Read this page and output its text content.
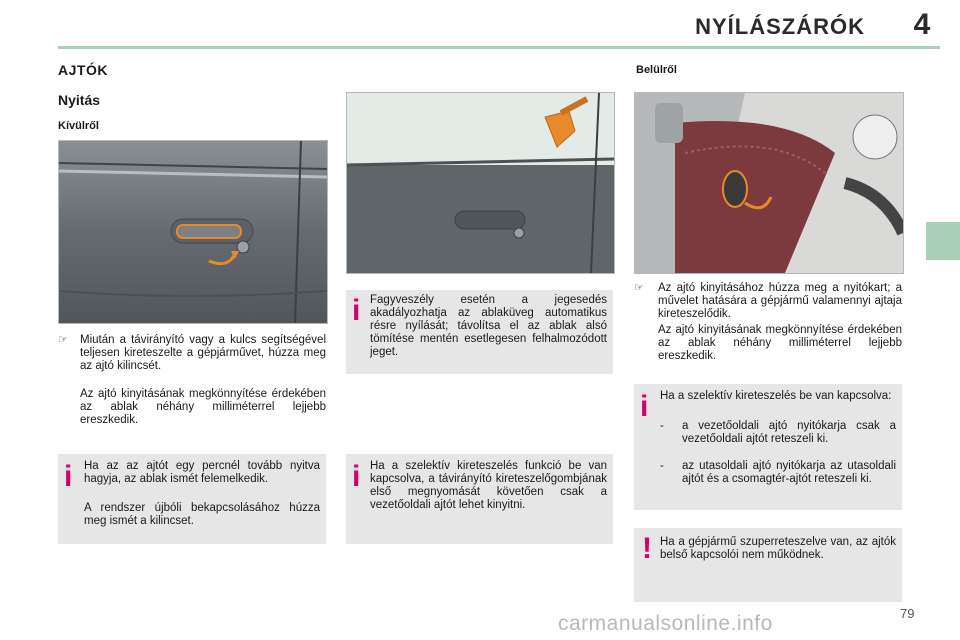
NYÍLÁSZÁRÓK 4
AJTÓK
Nyitás
Kívülről
Belülről
☞ Miután a távirányító vagy a kulcs segítségével teljesen kireteszelte a gépjárművet, húzza meg az ajtó kilincsét.
Az ajtó kinyitásának megkönnyítése érdekében az ablak néhány milliméterrel lejjebb ereszkedik.
i Ha az az ajtót egy percnél tovább nyitva hagyja, az ablak ismét felemelkedik.
A rendszer újbóli bekapcsolásához húzza meg ismét a kilincset.
i Fagyveszély esetén a jegesedés akadályozhatja az ablaküveg automatikus résre nyílását; távolítsa el az ablak alsó tömítése mentén esetlegesen felhalmozódott jeget.
i Ha a szelektív kireteszelés funkció be van kapcsolva, a távirányító kireteszelőgombjának első megnyomását követően csak a vezetőoldali ajtót lehet kinyitni.
☞ Az ajtó kinyitásához húzza meg a nyitókart; a művelet hatására a gépjármű valamennyi ajtaja kireteszelődik.
Az ajtó kinyitásának megkönnyítése érdekében az ablak néhány milliméterrel lejjebb ereszkedik.
i Ha a szelektív kireteszelés be van kapcsolva:
- a vezetőoldali ajtó nyitókarja csak a vezetőoldali ajtót reteszeli ki.
- az utasoldali ajtó nyitókarja az utasoldali ajtót és a csomagtér-ajtót reteszeli ki.
! Ha a gépjármű szuperreteszelve van, az ajtók belső kapcsolói nem működnek.
79
carmanualsonline.info
